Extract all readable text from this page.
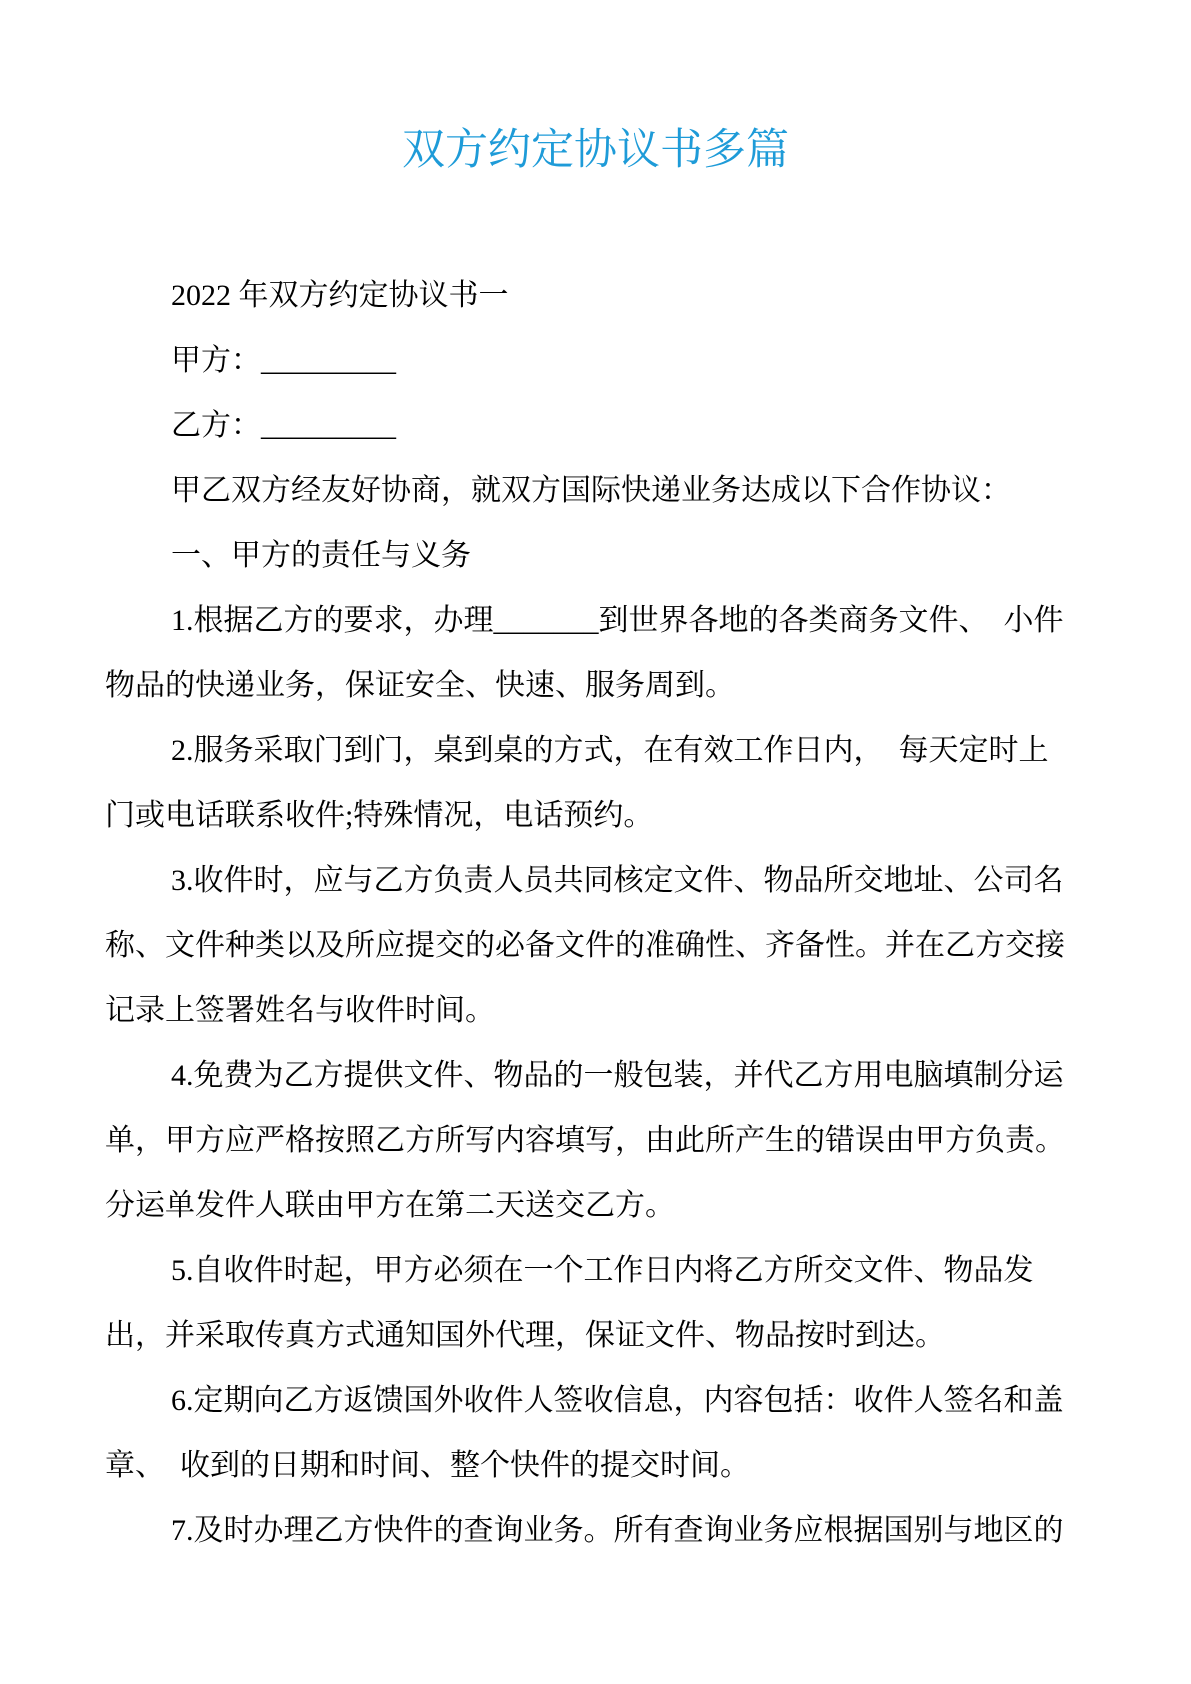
双方约定协议书多篇
2022 年双方约定协议书一
甲方：_________
乙方：_________
甲乙双方经友好协商，就双方国际快递业务达成以下合作协议：
一、甲方的责任与义务
1.根据乙方的要求，办理_______到世界各地的各类商务文件、　小件
物品的快递业务，保证安全、快速、服务周到。
2.服务采取门到门，桌到桌的方式，在有效工作日内，　每天定时上
门或电话联系收件;特殊情况，电话预约。
3.收件时，应与乙方负责人员共同核定文件、物品所交地址、公司名
称、文件种类以及所应提交的必备文件的准确性、齐备性。并在乙方交接
记录上签署姓名与收件时间。
4.免费为乙方提供文件、物品的一般包装，并代乙方用电脑填制分运
单，甲方应严格按照乙方所写内容填写，由此所产生的错误由甲方负责。
分运单发件人联由甲方在第二天送交乙方。
5.自收件时起，甲方必须在一个工作日内将乙方所交文件、物品发
出，并采取传真方式通知国外代理，保证文件、物品按时到达。
6.定期向乙方返馈国外收件人签收信息，内容包括：收件人签名和盖
章、　收到的日期和时间、整个快件的提交时间。
7.及时办理乙方快件的查询业务。所有查询业务应根据国别与地区的
